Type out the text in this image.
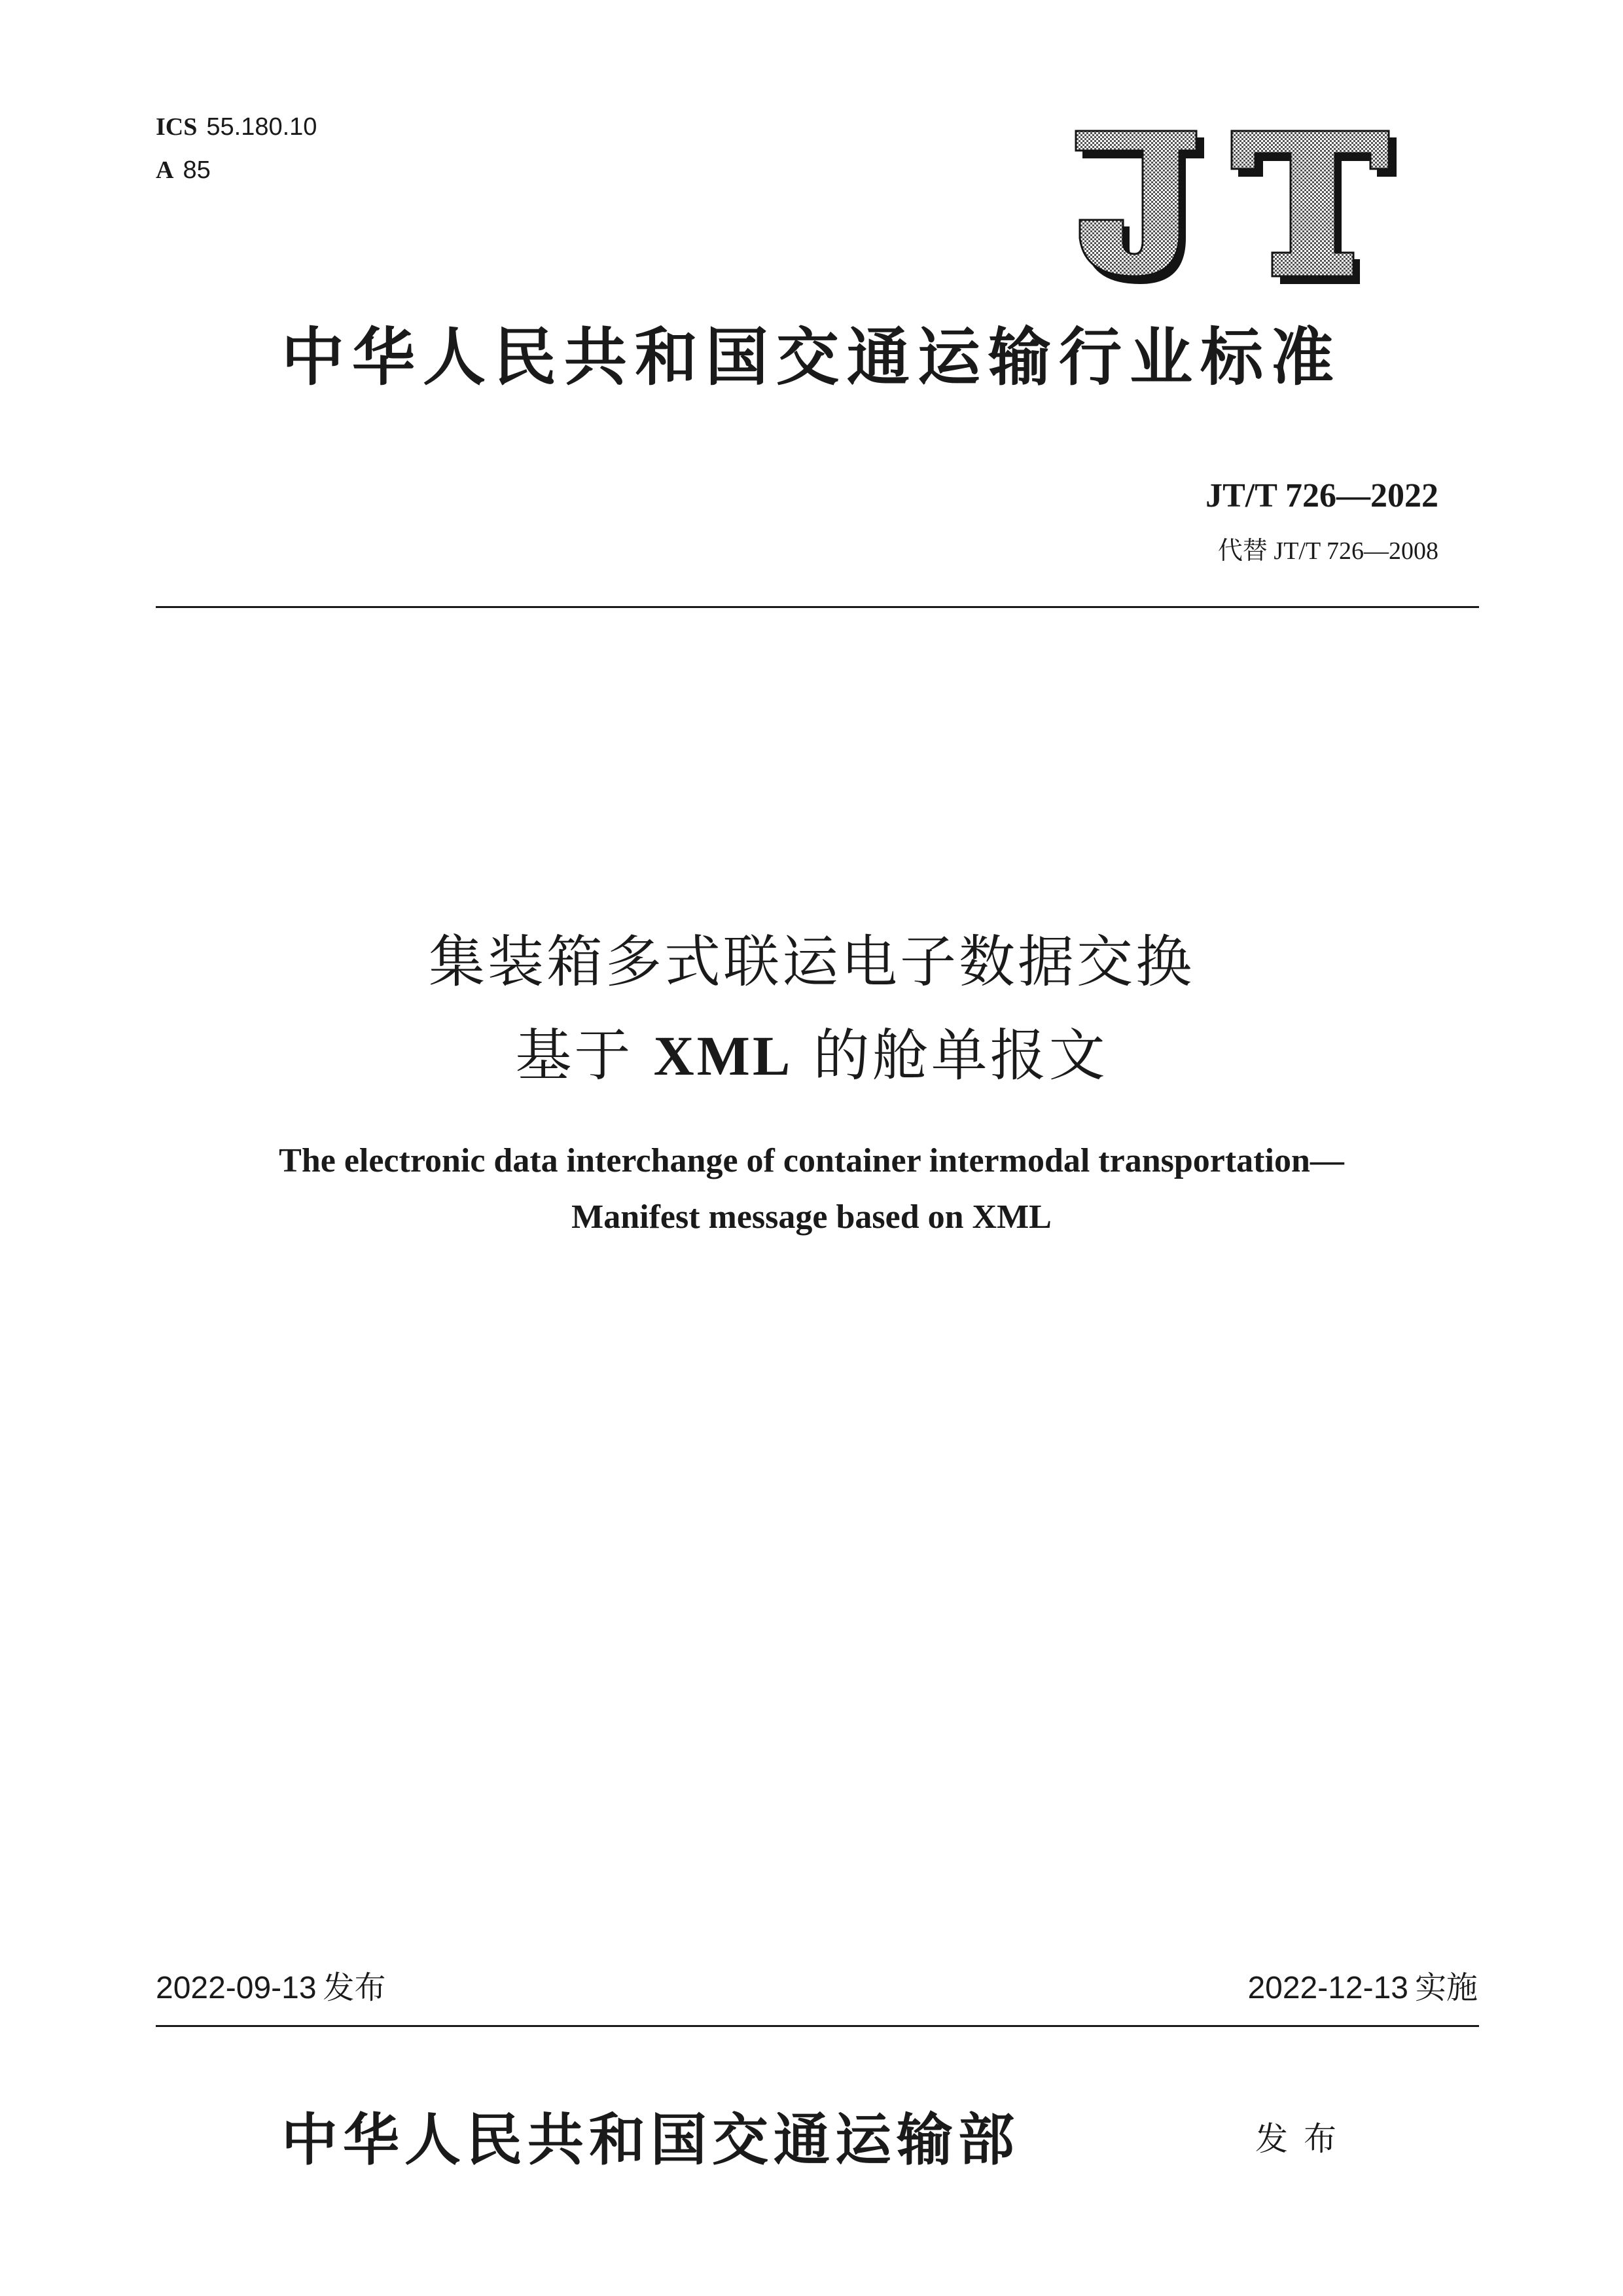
ICS 55.180.10
A 85
中华人民共和国交通运输行业标准
JT/T 726—2022
代替 JT/T 726—2008
集装箱多式联运电子数据交换
基于 XML 的舱单报文
The electronic data interchange of container intermodal transportation—
Manifest message based on XML
2022-09-13 发布	2022-12-13 实施
中华人民共和国交通运输部	发布
